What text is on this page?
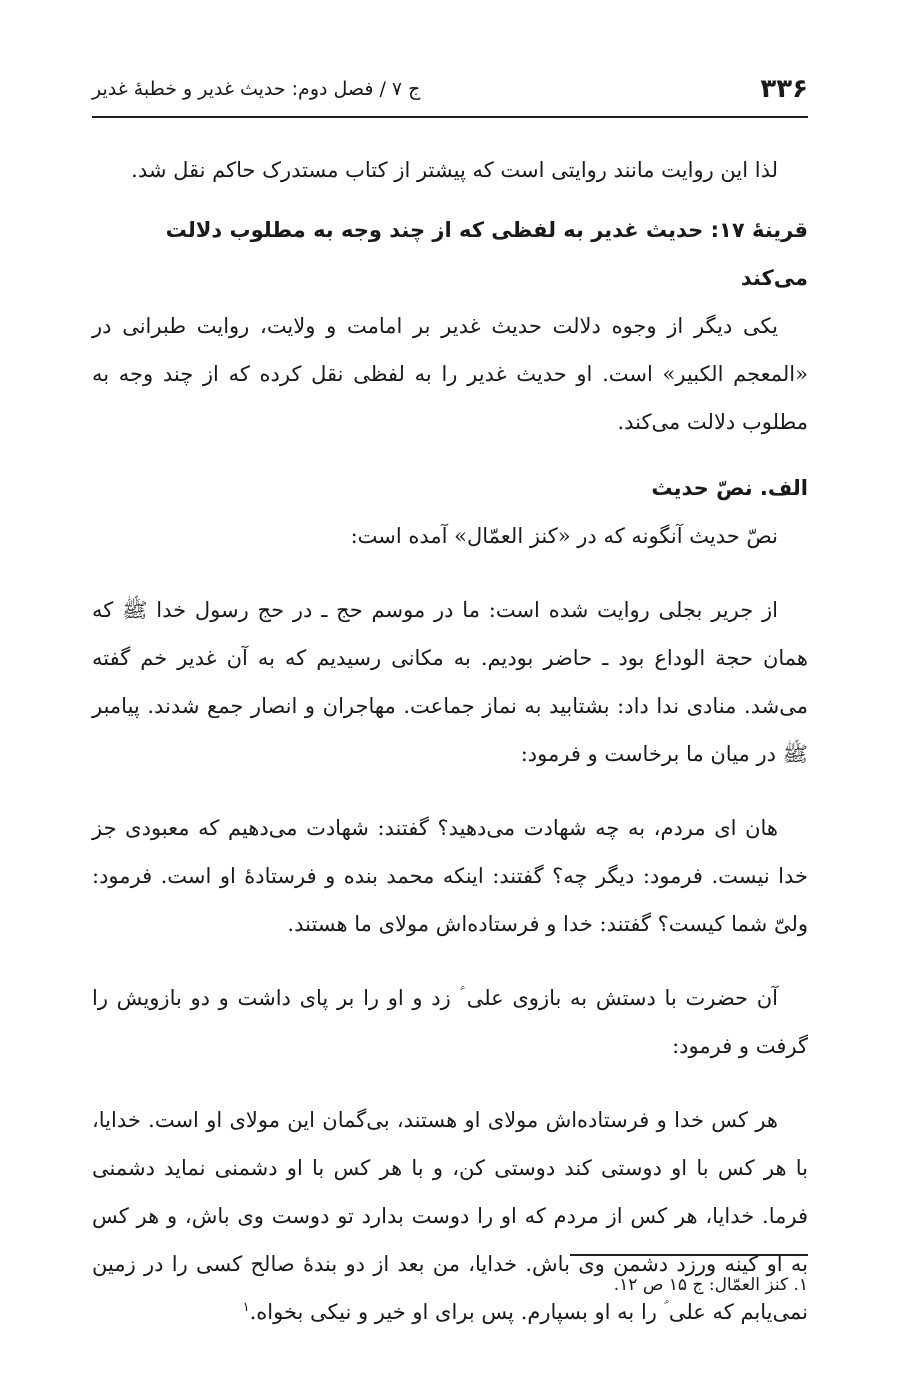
ج ۷ / فصل دوم: حدیث غدیر و خطبهٔ غدیر	۳۳۶

لذا این روایت مانند روایتی است که پیشتر از کتاب مستدرک حاکم نقل شد.

قرینهٔ ۱۷: حدیث غدیر به لفظی که از چند وجه به مطلوب دلالت می‌کند

یکی دیگر از وجوه دلالت حدیث غدیر بر امامت و ولایت، روایت طبرانی در «المعجم الکبیر» است. او حدیث غدیر را به لفظی نقل کرده که از چند وجه به مطلوب دلالت می‌کند.

الف. نصّ حدیث

نصّ حدیث آنگونه که در «کنز العمّال» آمده است:

از جریر بجلی روایت شده است: ما در موسم حج ـ در حج رسول خدا ﷺ که همان حجة الوداع بود ـ حاضر بودیم. به مکانی رسیدیم که به آن غدیر خم گفته می‌شد. منادی ندا داد: بشتابید به نماز جماعت. مهاجران و انصار جمع شدند. پیامبر ﷺ در میان ما برخاست و فرمود:

هان ای مردم، به چه شهادت می‌دهید؟ گفتند: شهادت می‌دهیم که معبودی جز خدا نیست. فرمود: دیگر چه؟ گفتند: اینکه محمد بنده و فرستادهٔ او است. فرمود: ولیّ شما کیست؟ گفتند: خدا و فرستاده‌اش مولای ما هستند.

آن حضرت با دستش به بازوی علی ؑ زد و او را بر پای داشت و دو بازویش را گرفت و فرمود:

هر کس خدا و فرستاده‌اش مولای او هستند، بی‌گمان این مولای او است. خدایا، با هر کس با او دوستی کند دوستی کن، و با هر کس با او دشمنی نماید دشمنی فرما. خدایا، هر کس از مردم که او را دوست بدارد تو دوست وی باش، و هر کس به او کینه ورزد دشمن وی باش. خدایا، من بعد از دو بندهٔ صالح کسی را در زمین نمی‌یابم که علی ؑ را به او بسپارم. پس برای او خیر و نیکی بخواه.$^۱$

۱. کنز العمّال: ج ۱۵ ص ۱۲.
